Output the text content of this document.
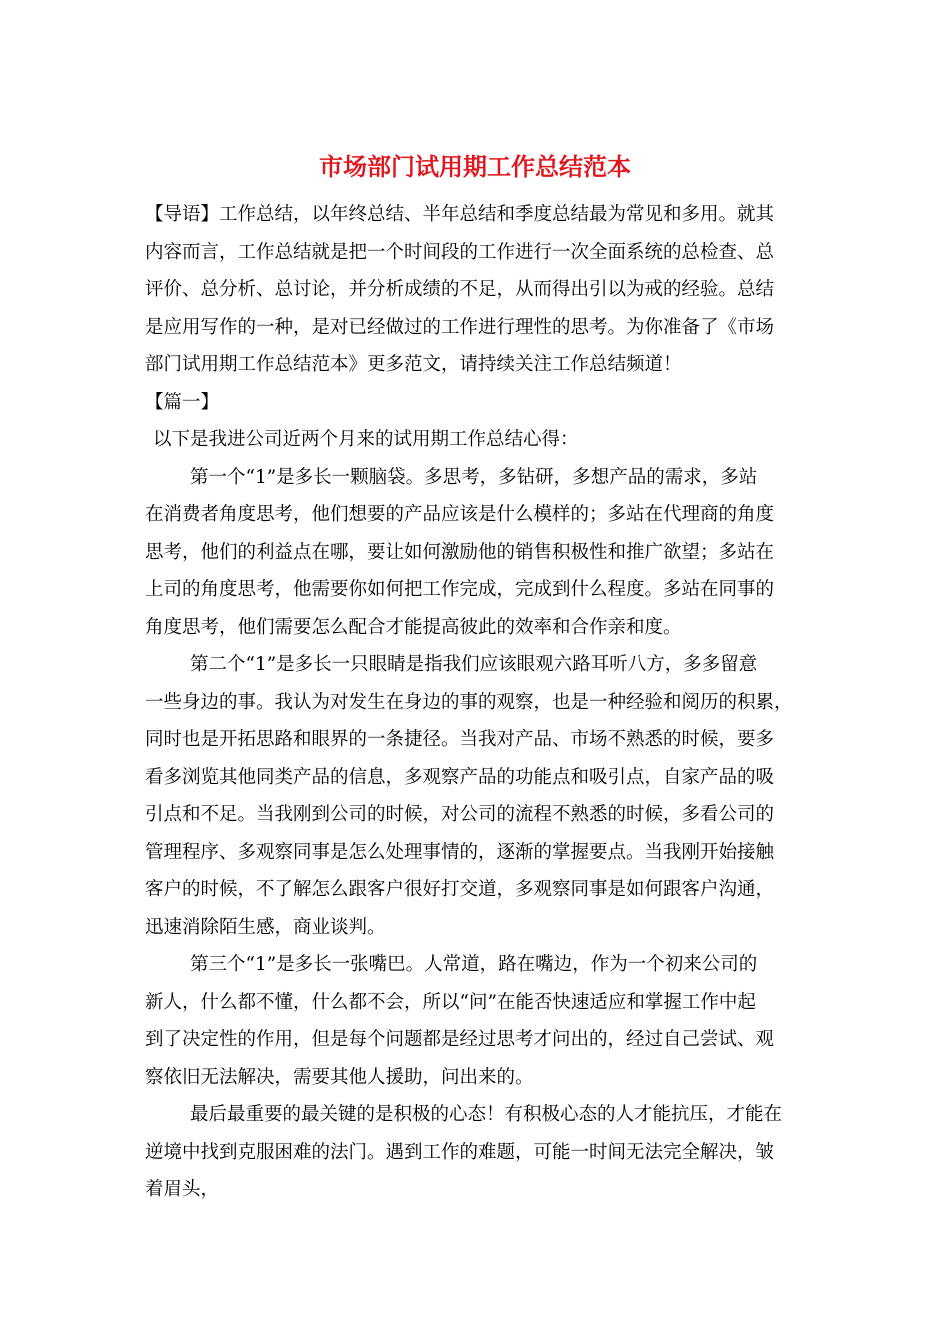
市场部门试用期工作总结范本
【导语】工作总结，以年终总结、半年总结和季度总结最为常见和多用。就其
内容而言，工作总结就是把一个时间段的工作进行一次全面系统的总检查、总
评价、总分析、总讨论，并分析成绩的不足，从而得出引以为戒的经验。总结
是应用写作的一种，是对已经做过的工作进行理性的思考。为你准备了《市场
部门试用期工作总结范本》更多范文，请持续关注工作总结频道！
【篇一】
以下是我进公司近两个月来的试用期工作总结心得：
第一个“1”是多长一颗脑袋。多思考，多钻研，多想产品的需求，多站
在消费者角度思考，他们想要的产品应该是什么模样的；多站在代理商的角度
思考，他们的利益点在哪，要让如何激励他的销售积极性和推广欲望；多站在
上司的角度思考，他需要你如何把工作完成，完成到什么程度。多站在同事的
角度思考，他们需要怎么配合才能提高彼此的效率和合作亲和度。
第二个“1”是多长一只眼睛是指我们应该眼观六路耳听八方，多多留意
一些身边的事。我认为对发生在身边的事的观察，也是一种经验和阅历的积累，
同时也是开拓思路和眼界的一条捷径。当我对产品、市场不熟悉的时候，要多
看多浏览其他同类产品的信息，多观察产品的功能点和吸引点，自家产品的吸
引点和不足。当我刚到公司的时候，对公司的流程不熟悉的时候，多看公司的
管理程序、多观察同事是怎么处理事情的，逐渐的掌握要点。当我刚开始接触
客户的时候，不了解怎么跟客户很好打交道，多观察同事是如何跟客户沟通，
迅速消除陌生感，商业谈判。
第三个“1”是多长一张嘴巴。人常道，路在嘴边，作为一个初来公司的
新人，什么都不懂，什么都不会，所以“问”在能否快速适应和掌握工作中起
到了决定性的作用，但是每个问题都是经过思考才问出的，经过自己尝试、观
察依旧无法解决，需要其他人援助，问出来的。
最后最重要的最关键的是积极的心态！有积极心态的人才能抗压，才能在
逆境中找到克服困难的法门。遇到工作的难题，可能一时间无法完全解决，皱
着眉头，
